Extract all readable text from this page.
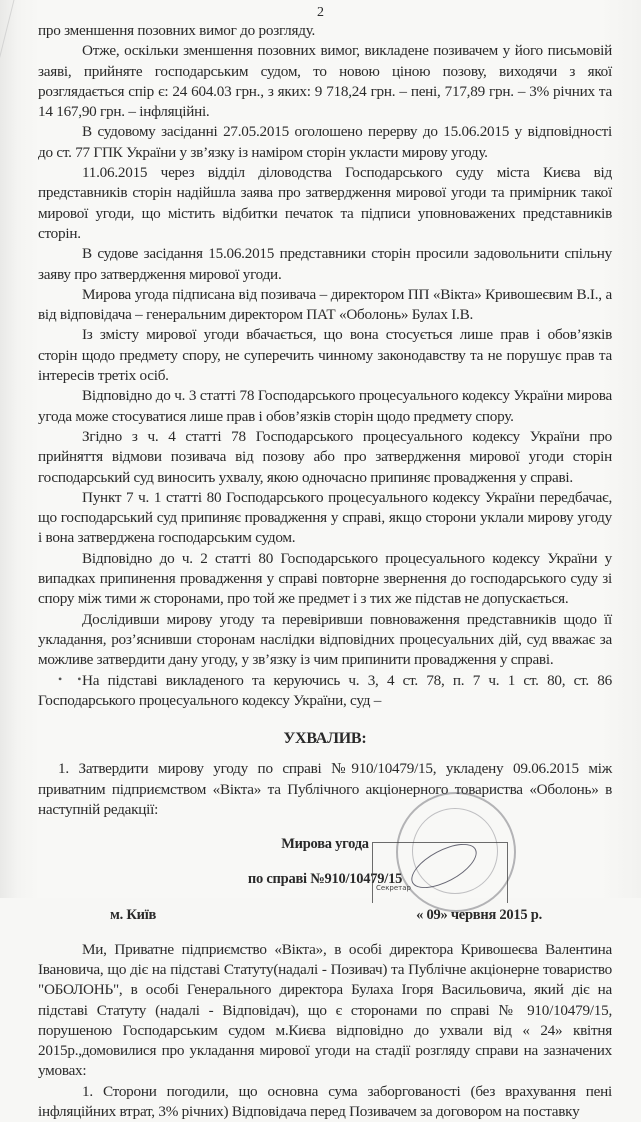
2

про зменшення позовних вимог до розгляду.

Отже, оскільки зменшення позовних вимог, викладене позивачем у його письмовій заяві, прийняте господарським судом, то новою ціною позову, виходячи з якої розглядається спір є: 24 604.03 грн., з яких: 9 718,24 грн. – пені, 717,89 грн. – 3% річних та 14 167,90 грн. – інфляційні.

В судовому засіданні 27.05.2015 оголошено перерву до 15.06.2015 у відповідності до ст. 77 ГПК України у зв’язку із наміром сторін укласти мирову угоду.

11.06.2015 через відділ діловодства Господарського суду міста Києва від представників сторін надійшла заява про затвердження мирової угоди та примірник такої мирової угоди, що містить відбитки печаток та підписи уповноважених представників сторін.

В судове засідання 15.06.2015 представники сторін просили задовольнити спільну заяву про затвердження мирової угоди.

Мирова угода підписана від позивача – директором ПП «Вікта» Кривошеєвим В.І., а від відповідача – генеральним директором ПАТ «Оболонь» Булах І.В.

Із змісту мирової угоди вбачається, що вона стосується лише прав і обов’язків сторін щодо предмету спору, не суперечить чинному законодавству та не порушує прав та інтересів третіх осіб.

Відповідно до ч. 3 статті 78 Господарського процесуального кодексу України мирова угода може стосуватися лише прав і обов’язків сторін щодо предмету спору.

Згідно з ч. 4 статті 78 Господарського процесуального кодексу України про прийняття відмови позивача від позову або про затвердження мирової угоди сторін господарський суд виносить ухвалу, якою одночасно припиняє провадження у справі.

Пункт 7 ч. 1 статті 80 Господарського процесуального кодексу України передбачає, що господарський суд припиняє провадження у справі, якщо сторони уклали мирову угоду і вона затверджена господарським судом.

Відповідно до ч. 2 статті 80 Господарського процесуального кодексу України у випадках припинення провадження у справі повторне звернення до господарського суду зі спору між тими ж сторонами, про той же предмет і з тих же підстав не допускається.

Дослідивши мирову угоду та перевіривши повноваження представників щодо її укладання, роз’яснивши сторонам наслідки відповідних процесуальних дій, суд вважає за можливе затвердити дану угоду, у зв’язку із чим припинити провадження у справі.

На підставі викладеного та керуючись ч. 3, 4 ст. 78, п. 7 ч. 1 ст. 80, ст. 86 Господарського процесуального кодексу України, суд –

УХВАЛИВ:

1. Затвердити мирову угоду по справі №910/10479/15, укладену 09.06.2015 між приватним підприємством «Вікта» та Публічного акціонерного товариства «Оболонь» в наступній редакції:

Мирова угода

по справі №910/10479/15

м. Київ	« 09» червня 2015 р.

Ми, Приватне підприємство «Вікта», в особі директора Кривошеєва Валентина Івановича, що діє на підставі Статуту(надалі - Позивач) та Публічне акціонерне товариство "ОБОЛОНЬ", в особі Генерального директора Булаха Ігоря Васильовича, який діє на підставі Статуту (надалі - Відповідач), що є сторонами по справі № 910/10479/15, порушеною Господарським судом м.Києва відповідно до ухвали від « 24» квітня 2015р.,домовилися про укладання мирової угоди на стадії розгляду справи на зазначених умовах:

1. Сторони погодили, що основна сума заборгованості (без врахування пені інфляційних втрат, 3% річних) Відповідача перед Позивачем за договором на поставку

• •
Секретар
